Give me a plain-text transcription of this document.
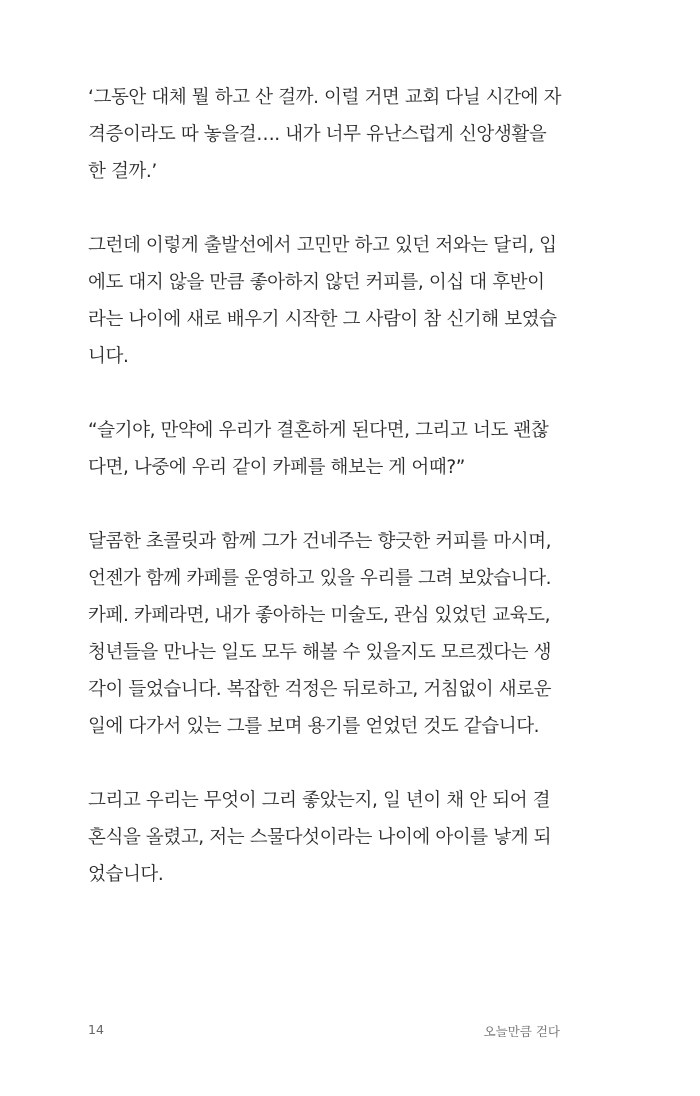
‘그동안 대체 뭘 하고 산 걸까. 이럴 거면 교회 다닐 시간에 자
격증이라도 따 놓을걸…. 내가 너무 유난스럽게 신앙생활을
한 걸까.’

그런데 이렇게 출발선에서 고민만 하고 있던 저와는 달리, 입
에도 대지 않을 만큼 좋아하지 않던 커피를, 이십 대 후반이
라는 나이에 새로 배우기 시작한 그 사람이 참 신기해 보였습
니다.

“슬기야, 만약에 우리가 결혼하게 된다면, 그리고 너도 괜찮
다면, 나중에 우리 같이 카페를 해보는 게 어때?”

달콤한 초콜릿과 함께 그가 건네주는 향긋한 커피를 마시며,
언젠가 함께 카페를 운영하고 있을 우리를 그려 보았습니다.
카페. 카페라면, 내가 좋아하는 미술도, 관심 있었던 교육도,
청년들을 만나는 일도 모두 해볼 수 있을지도 모르겠다는 생
각이 들었습니다. 복잡한 걱정은 뒤로하고, 거침없이 새로운
일에 다가서 있는 그를 보며 용기를 얻었던 것도 같습니다.

그리고 우리는 무엇이 그리 좋았는지, 일 년이 채 안 되어 결
혼식을 올렸고, 저는 스물다섯이라는 나이에 아이를 낳게 되
었습니다.

14	오늘만큼 걷다
